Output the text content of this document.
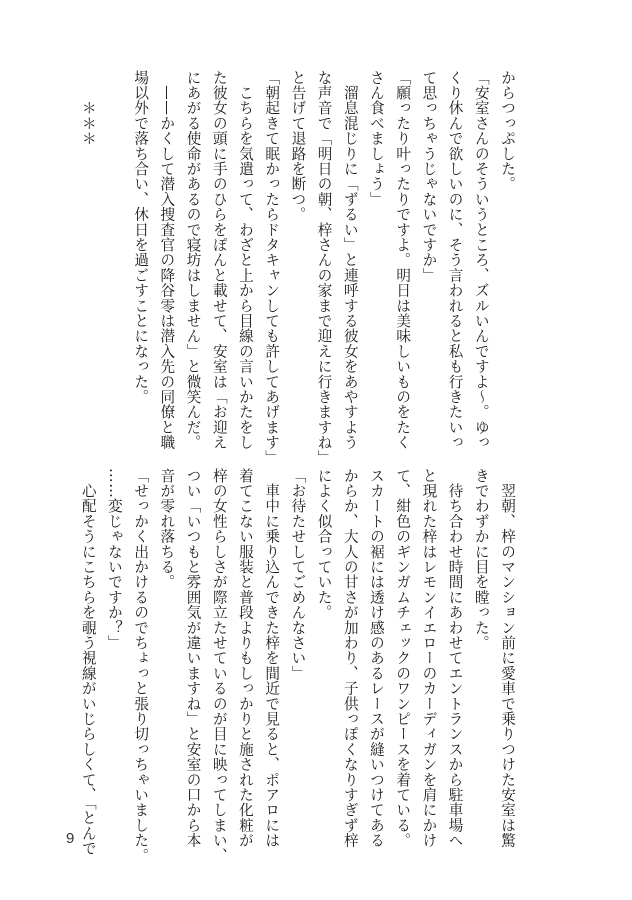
からつっぷした。
「安室さんのそういうところ、ズルいんですよ〜。ゆっ
くり休んで欲しいのに、そう言われると私も行きたいっ
て思っちゃうじゃないですか」
「願ったり叶ったりですよ。明日は美味しいものをたく
さん食べましょう」
　溜息混じりに「ずるい」と連呼する彼女をあやすよう
な声音で「明日の朝、梓さんの家まで迎えに行きますね」
と告げて退路を断つ。
「朝起きて眠かったらドタキャンしても許してあげます」
　こちらを気遣って、わざと上から目線の言いかたをし
た彼女の頭に手のひらをぽんと載せて、安室は「お迎え
にあがる使命があるので寝坊はしません」と微笑んだ。
　——かくして潜入捜査官の降谷零は潜入先の同僚と職
場以外で落ち合い、休日を過ごすことになった。

　　＊＊＊
　翌朝、梓のマンション前に愛車で乗りつけた安室は驚
きでわずかに目を瞠った。
　待ち合わせ時間にあわせてエントランスから駐車場へ
と現れた梓はレモンイエローのカーディガンを肩にかけ
て、紺色のギンガムチェックのワンピースを着ている。
スカートの裾には透け感のあるレースが縫いつけてある
からか、大人の甘さが加わり、子供っぽくなりすぎず梓
によく似合っていた。
「お待たせしてごめんなさい」
　車中に乗り込んできた梓を間近で見ると、ポアロには
着てこない服装と普段よりもしっかりと施された化粧が
梓の女性らしさが際立たせているのが目に映ってしまい、
つい「いつもと雰囲気が違いますね」と安室の口から本
音が零れ落ちる。
「せっかく出かけるのでちょっと張り切っちゃいました。
……変じゃないですか？」
　心配そうにこちらを覗う視線がいじらしくて、「とんで
9
